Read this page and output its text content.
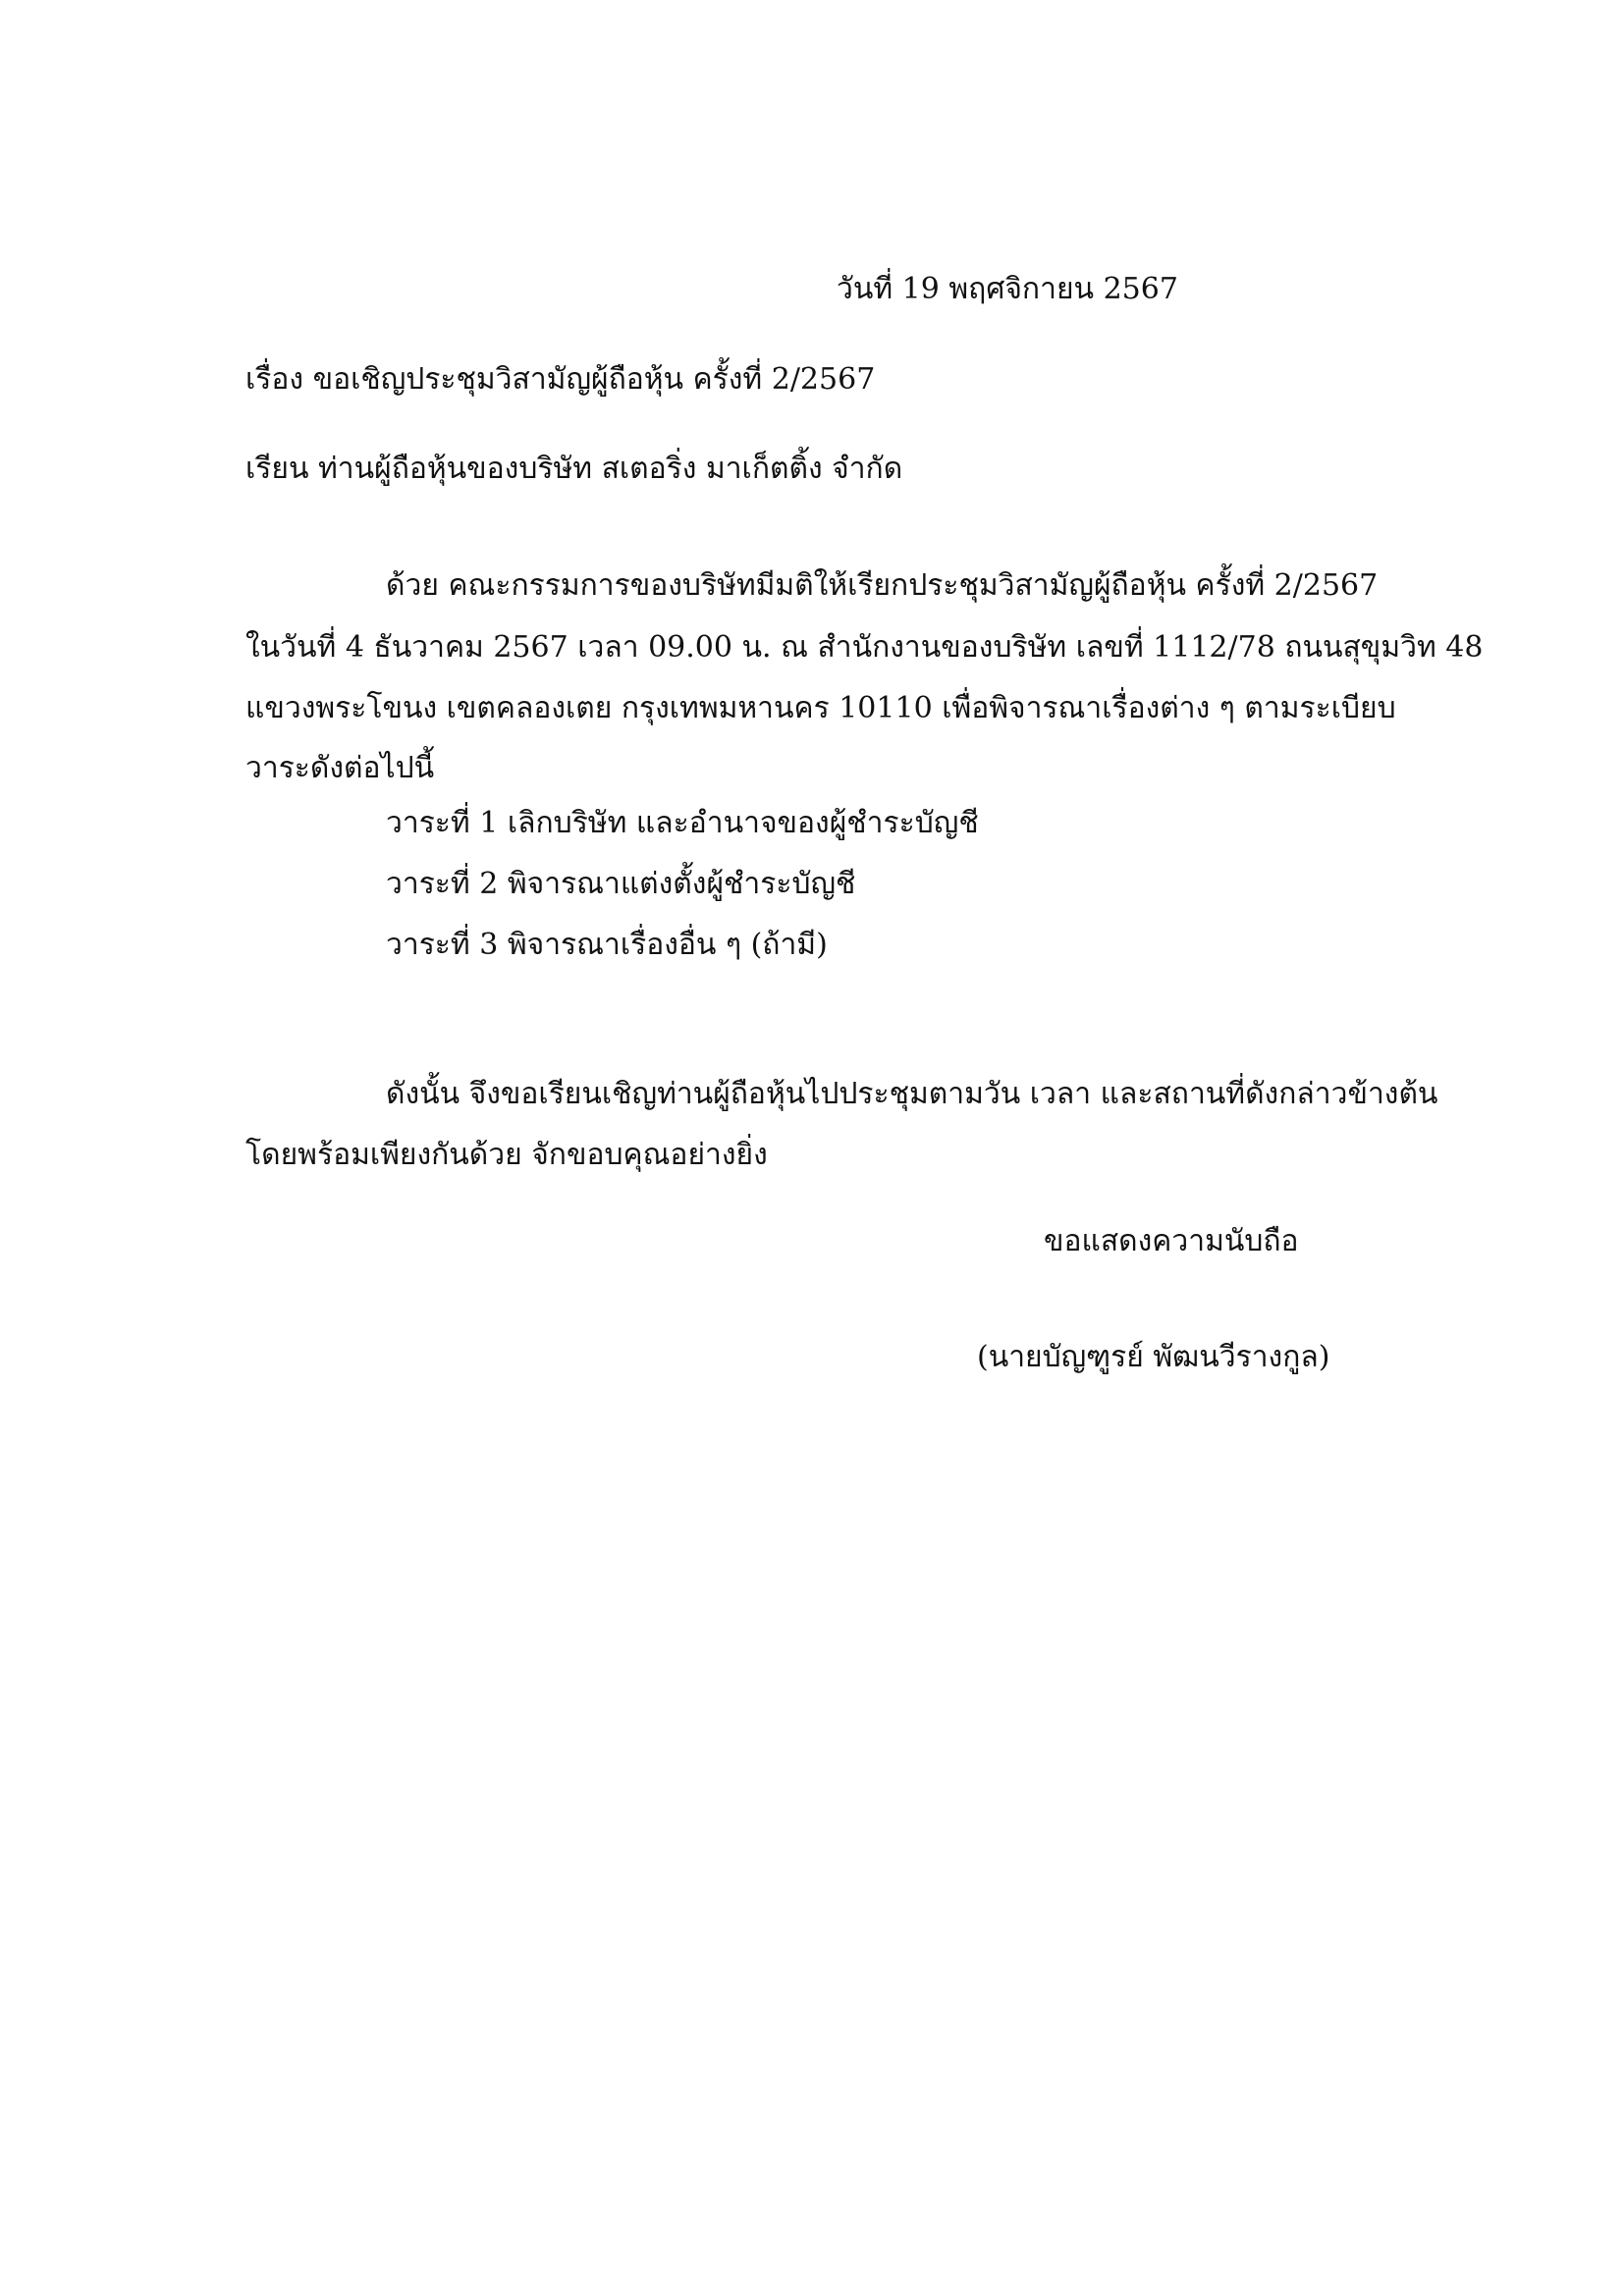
วันที่ 19 พฤศจิกายน 2567
เรื่อง ขอเชิญประชุมวิสามัญผู้ถือหุ้น ครั้งที่ 2/2567
เรียน ท่านผู้ถือหุ้นของบริษัท สเตอริ่ง มาเก็ตติ้ง จำกัด
ด้วย คณะกรรมการของบริษัทมีมติให้เรียกประชุมวิสามัญผู้ถือหุ้น ครั้งที่ 2/2567
ในวันที่ 4 ธันวาคม 2567 เวลา 09.00 น. ณ สำนักงานของบริษัท เลขที่ 1112/78 ถนนสุขุมวิท 48
แขวงพระโขนง เขตคลองเตย กรุงเทพมหานคร 10110 เพื่อพิจารณาเรื่องต่าง ๆ ตามระเบียบ
วาระดังต่อไปนี้
วาระที่ 1 เลิกบริษัท และอำนาจของผู้ชำระบัญชี
วาระที่ 2 พิจารณาแต่งตั้งผู้ชำระบัญชี
วาระที่ 3 พิจารณาเรื่องอื่น ๆ (ถ้ามี)
ดังนั้น จึงขอเรียนเชิญท่านผู้ถือหุ้นไปประชุมตามวัน เวลา และสถานที่ดังกล่าวข้างต้น
โดยพร้อมเพียงกันด้วย จักขอบคุณอย่างยิ่ง
ขอแสดงความนับถือ
(นายบัญฑูรย์ พัฒนวีรางกูล)
